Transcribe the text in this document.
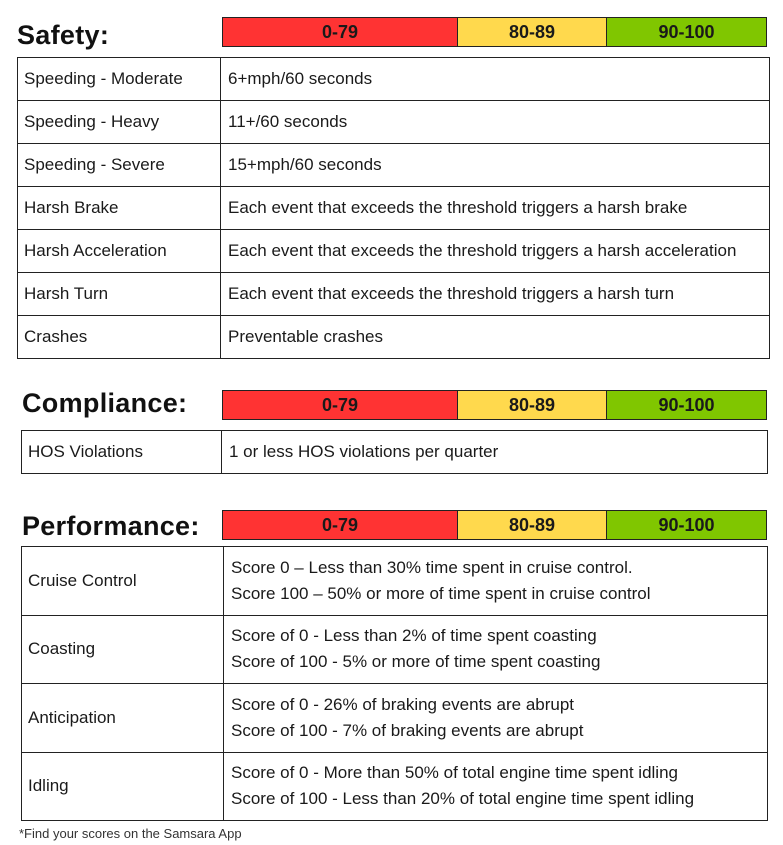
Safety:	0-79	80-89	90-100
Speeding - Moderate	6+mph/60 seconds

Speeding - Heavy	11+/60 seconds

Speeding - Severe	15+mph/60 seconds

Harsh Brake	Each event that exceeds the threshold triggers a harsh brake

Harsh Acceleration	Each event that exceeds the threshold triggers a harsh acceleration

Harsh Turn	Each event that exceeds the threshold triggers a harsh turn

Crashes	Preventable crashes
Compliance:	0-79	80-89	90-100
HOS Violations	1 or less HOS violations per quarter
Performance:	0-79	80-89	90-100
Cruise Control	Score 0 – Less than 30% time spent in cruise control.
Score 100 – 50% or more of time spent in cruise control

Coasting	Score of 0 - Less than 2% of time spent coasting
Score of 100 - 5% or more of time spent coasting

Anticipation	Score of 0 - 26% of braking events are abrupt
Score of 100 - 7% of braking events are abrupt

Idling	Score of 0 - More than 50% of total engine time spent idling
Score of 100 - Less than 20% of total engine time spent idling
*Find your scores on the Samsara App
